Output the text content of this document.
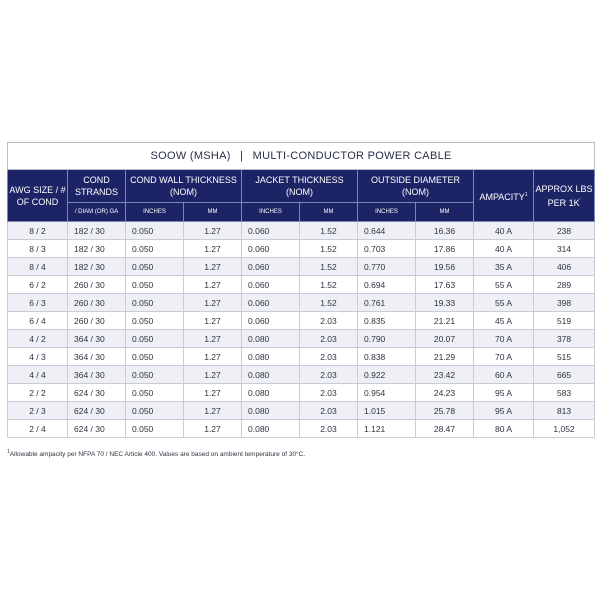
SOOW (MSHA) | MULTI-CONDUCTOR POWER CABLE									
AWG SIZE / # OF COND	COND STRANDS	COND WALL THICKNESS (NOM)		JACKET THICKNESS (NOM)		OUTSIDE DIAMETER (NOM)		AMPACITY$^1$	APPROX LBS PER 1K'
	/ DIAM (OR) GA	INCHES	MM	INCHES	MM	INCHES	MM		
8 / 2	182 / 30	0.050	1.27	0.060	1.52	0.644	16.36	40 A	238
8 / 3	182 / 30	0.050	1.27	0.060	1.52	0.703	17.86	40 A	314
8 / 4	182 / 30	0.050	1.27	0.060	1.52	0.770	19.56	35 A	406
6 / 2	260 / 30	0.050	1.27	0.060	1.52	0.694	17.63	55 A	289
6 / 3	260 / 30	0.050	1.27	0.060	1.52	0.761	19.33	55 A	398
6 / 4	260 / 30	0.050	1.27	0.060	2.03	0.835	21.21	45 A	519
4 / 2	364 / 30	0.050	1.27	0.080	2.03	0.790	20.07	70 A	378
4 / 3	364 / 30	0.050	1.27	0.080	2.03	0.838	21.29	70 A	515
4 / 4	364 / 30	0.050	1.27	0.080	2.03	0.922	23.42	60 A	665
2 / 2	624 / 30	0.050	1.27	0.080	2.03	0.954	24.23	95 A	583
2 / 3	624 / 30	0.050	1.27	0.080	2.03	1.015	25.78	95 A	813
2 / 4	624 / 30	0.050	1.27	0.080	2.03	1.121	28.47	80 A	1,052
$^1$Allowable ampacity per NFPA 70 / NEC Article 400. Values are based on ambient temperature of 30°C.
